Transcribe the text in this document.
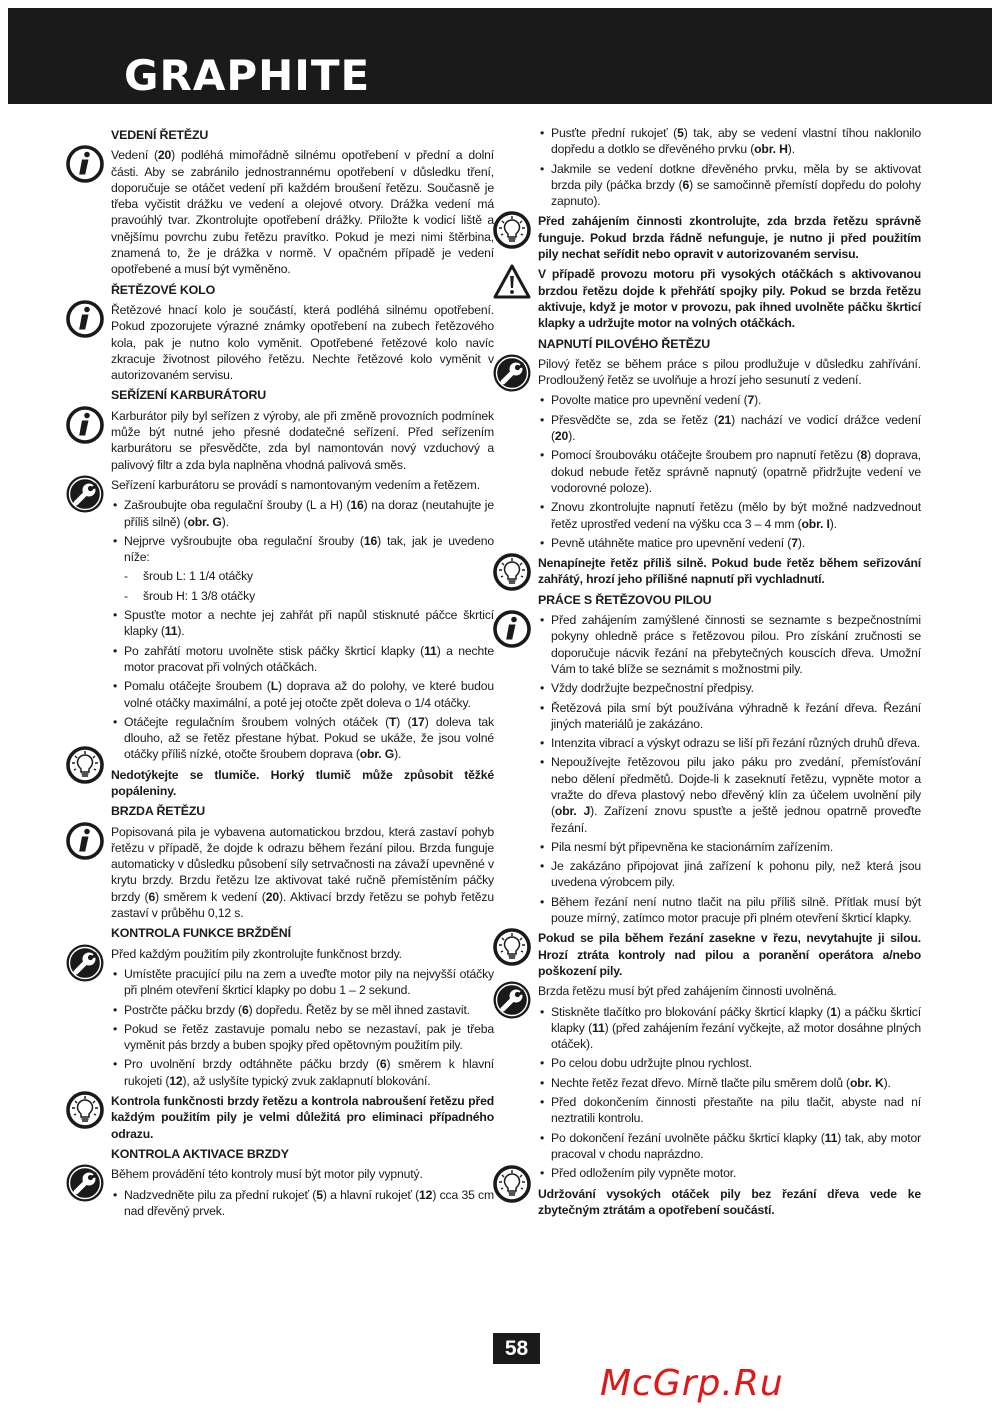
GRAPHITE
VEDENÍ ŘETĚZU
Vedení (20) podléhá mimořádně silnému opotřebení v přední a dolní části. Aby se zabránilo jednostrannému opotřebení v důsledku tření, doporučuje se otáčet vedení při každém broušení řetězu. Současně je třeba vyčistit drážku ve vedení a olejové otvory. Drážka vedení má pravoúhlý tvar. Zkontrolujte opotřebení drážky. Přiložte k vodicí liště a vnějšímu povrchu zubu řetězu pravítko. Pokud je mezi nimi štěrbina, znamená to, že je drážka v normě. V opačném případě je vedení opotřebené a musí být vyměněno.
ŘETĚZOVÉ KOLO
Řetězové hnací kolo je součástí, která podléhá silnému opotřebení. Pokud zpozorujete výrazné známky opotřebení na zubech řetězového kola, pak je nutno kolo vyměnit. Opotřebené řetězové kolo navíc zkracuje životnost pilového řetězu. Nechte řetězové kolo vyměnit v autorizovaném servisu.
SEŘÍZENÍ KARBURÁTORU
Karburátor pily byl seřízen z výroby, ale při změně provozních podmínek může být nutné jeho přesné dodatečné seřízení. Před seřízením karburátoru se přesvědčte, zda byl namontován nový vzduchový a palivový filtr a zda byla naplněna vhodná palivová směs.
Seřízení karburátoru se provádí s namontovaným vedením a řetězem.
• Zašroubujte oba regulační šrouby (L a H) (16) na doraz (neutahujte je příliš silně) (obr. G).
• Nejprve vyšroubujte oba regulační šrouby (16) tak, jak je uvedeno níže:
- šroub L: 1 1/4 otáčky
- šroub H: 1 3/8 otáčky
• Spusťte motor a nechte jej zahřát při napůl stisknuté páčce škrticí klapky (11).
• Po zahřátí motoru uvolněte stisk páčky škrticí klapky (11) a nechte motor pracovat při volných otáčkách.
• Pomalu otáčejte šroubem (L) doprava až do polohy, ve které budou volné otáčky maximální, a poté jej otočte zpět doleva o 1/4 otáčky.
• Otáčejte regulačním šroubem volných otáček (T) (17) doleva tak dlouho, až se řetěz přestane hýbat. Pokud se ukáže, že jsou volné otáčky příliš nízké, otočte šroubem doprava (obr. G).
Nedotýkejte se tlumiče. Horký tlumič může způsobit těžké popáleniny.
BRZDA ŘETĚZU
Popisovaná pila je vybavena automatickou brzdou, která zastaví pohyb řetězu v případě, že dojde k odrazu během řezání pilou. Brzda funguje automaticky v důsledku působení síly setrvačnosti na závaží upevněné v krytu brzdy. Brzdu řetězu lze aktivovat také ručně přemístěním páčky brzdy (6) směrem k vedení (20). Aktivací brzdy řetězu se pohyb řetězu zastaví v průběhu 0,12 s.
KONTROLA FUNKCE BRŽDĚNÍ
Před každým použitím pily zkontrolujte funkčnost brzdy.
• Umístěte pracující pilu na zem a uveďte motor pily na nejvyšší otáčky při plném otevření škrticí klapky po dobu 1 – 2 sekund.
• Postrčte páčku brzdy (6) dopředu. Řetěz by se měl ihned zastavit.
• Pokud se řetěz zastavuje pomalu nebo se nezastaví, pak je třeba vyměnit pás brzdy a buben spojky před opětovným použitím pily.
• Pro uvolnění brzdy odtáhněte páčku brzdy (6) směrem k hlavní rukojeti (12), až uslyšíte typický zvuk zaklapnutí blokování.
Kontrola funkčnosti brzdy řetězu a kontrola nabroušení řetězu před každým použitím pily je velmi důležitá pro eliminaci případného odrazu.
KONTROLA AKTIVACE BRZDY
Během provádění této kontroly musí být motor pily vypnutý.
• Nadzvedněte pilu za přední rukojeť (5) a hlavní rukojeť (12) cca 35 cm nad dřevěný prvek.
• Pusťte přední rukojeť (5) tak, aby se vedení vlastní tíhou naklonilo dopředu a dotklo se dřevěného prvku (obr. H).
• Jakmile se vedení dotkne dřevěného prvku, měla by se aktivovat brzda pily (páčka brzdy (6) se samočinně přemístí dopředu do polohy zapnuto).
Před zahájením činnosti zkontrolujte, zda brzda řetězu správně funguje. Pokud brzda řádně nefunguje, je nutno ji před použitím pily nechat seřídit nebo opravit v autorizovaném servisu.
V případě provozu motoru při vysokých otáčkách s aktivovanou brzdou řetězu dojde k přehřátí spojky pily. Pokud se brzda řetězu aktivuje, když je motor v provozu, pak ihned uvolněte páčku škrticí klapky a udržujte motor na volných otáčkách.
NAPNUTÍ PILOVÉHO ŘETĚZU
Pilový řetěz se během práce s pilou prodlužuje v důsledku zahřívání. Prodloužený řetěz se uvolňuje a hrozí jeho sesunutí z vedení.
• Povolte matice pro upevnění vedení (7).
• Přesvědčte se, zda se řetěz (21) nachází ve vodicí drážce vedení (20).
• Pomocí šroubováku otáčejte šroubem pro napnutí řetězu (8) doprava, dokud nebude řetěz správně napnutý (opatrně přidržujte vedení ve vodorovné poloze).
• Znovu zkontrolujte napnutí řetězu (mělo by být možné nadzvednout řetěz uprostřed vedení na výšku cca 3 – 4 mm (obr. I).
• Pevně utáhněte matice pro upevnění vedení (7).
Nenapínejte řetěz příliš silně. Pokud bude řetěz během seřizování zahřátý, hrozí jeho přílišné napnutí při vychladnutí.
PRÁCE S ŘETĚZOVOU PILOU
• Před zahájením zamýšlené činnosti se seznamte s bezpečnostními pokyny ohledně práce s řetězovou pilou. Pro získání zručnosti se doporučuje nácvik řezání na přebytečných kouscích dřeva. Umožní Vám to také blíže se seznámit s možnostmi pily.
• Vždy dodržujte bezpečnostní předpisy.
• Řetězová pila smí být používána výhradně k řezání dřeva. Řezání jiných materiálů je zakázáno.
• Intenzita vibrací a výskyt odrazu se liší při řezání různých druhů dřeva.
• Nepoužívejte řetězovou pilu jako páku pro zvedání, přemísťování nebo dělení předmětů. Dojde-li k zaseknutí řetězu, vypněte motor a vražte do dřeva plastový nebo dřevěný klín za účelem uvolnění pily (obr. J). Zařízení znovu spusťte a ještě jednou opatrně proveďte řezání.
• Pila nesmí být připevněna ke stacionárním zařízením.
• Je zakázáno připojovat jiná zařízení k pohonu pily, než která jsou uvedena výrobcem pily.
• Během řezání není nutno tlačit na pilu příliš silně. Přítlak musí být pouze mírný, zatímco motor pracuje při plném otevření škrticí klapky.
Pokud se pila během řezání zasekne v řezu, nevytahujte ji silou. Hrozí ztráta kontroly nad pilou a poranění operátora a/nebo poškození pily.
Brzda řetězu musí být před zahájením činnosti uvolněná.
• Stiskněte tlačítko pro blokování páčky škrticí klapky (1) a páčku škrticí klapky (11) (před zahájením řezání vyčkejte, až motor dosáhne plných otáček).
• Po celou dobu udržujte plnou rychlost.
• Nechte řetěz řezat dřevo. Mírně tlačte pilu směrem dolů (obr. K).
• Před dokončením činnosti přestaňte na pilu tlačit, abyste nad ní neztratili kontrolu.
• Po dokončení řezání uvolněte páčku škrticí klapky (11) tak, aby motor pracoval v chodu naprázdno.
• Před odložením pily vypněte motor.
Udržování vysokých otáček pily bez řezání dřeva vede ke zbytečným ztrátám a opotřebení součástí.
McGrp.Ru
58
